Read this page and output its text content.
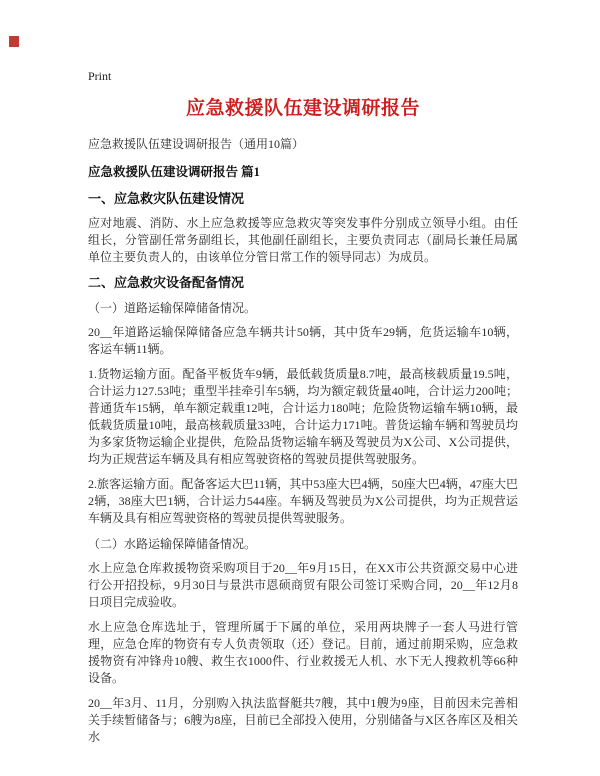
Print
应急救援队伍建设调研报告
应急救援队伍建设调研报告（通用10篇）
应急救援队伍建设调研报告 篇1
一、应急救灾队伍建设情况
应对地震、消防、水上应急救援等应急救灾等突发事件分别成立领导小组。由任组长，分管副任常务副组长，其他副任副组长，主要负责同志（副局长兼任局属单位主要负责人的，由该单位分管日常工作的领导同志）为成员。
二、应急救灾设备配备情况
（一）道路运输保障储备情况。
20__年道路运输保障储备应急车辆共计50辆，其中货车29辆，危货运输车10辆，客运车辆11辆。
1.货物运输方面。配备平板货车9辆，最低载货质量8.7吨，最高核载质量19.5吨，合计运力127.53吨；重型半挂牵引车5辆，均为额定载货量40吨，合计运力200吨；普通货车15辆，单车额定载重12吨，合计运力180吨；危险货物运输车辆10辆，最低载货质量10吨，最高核载质量33吨，合计运力171吨。普货运输车辆和驾驶员均为多家货物运输企业提供，危险品货物运输车辆及驾驶员为X公司、X公司提供，均为正规营运车辆及具有相应驾驶资格的驾驶员提供驾驶服务。
2.旅客运输方面。配备客运大巴11辆，其中53座大巴4辆，50座大巴4辆，47座大巴2辆，38座大巴1辆，合计运力544座。车辆及驾驶员为X公司提供，均为正规营运车辆及具有相应驾驶资格的驾驶员提供驾驶服务。
（二）水路运输保障储备情况。
水上应急仓库救援物资采购项目于20__年9月15日，在XX市公共资源交易中心进行公开招投标，9月30日与景洪市恩硕商贸有限公司签订采购合同，20__年12月8日项目完成验收。
水上应急仓库选址于，管理所属于下属的单位，采用两块牌子一套人马进行管理，应急仓库的物资有专人负责领取（还）登记。目前，通过前期采购，应急救援物资有冲锋舟10艘、救生衣1000件、行业救援无人机、水下无人搜救机等66种设备。
20__年3月、11月，分别购入执法监督艇共7艘，其中1艘为9座，目前因未完善相关手续暂储备与；6艘为8座，目前已全部投入使用，分别储备与X区各库区及相关水
